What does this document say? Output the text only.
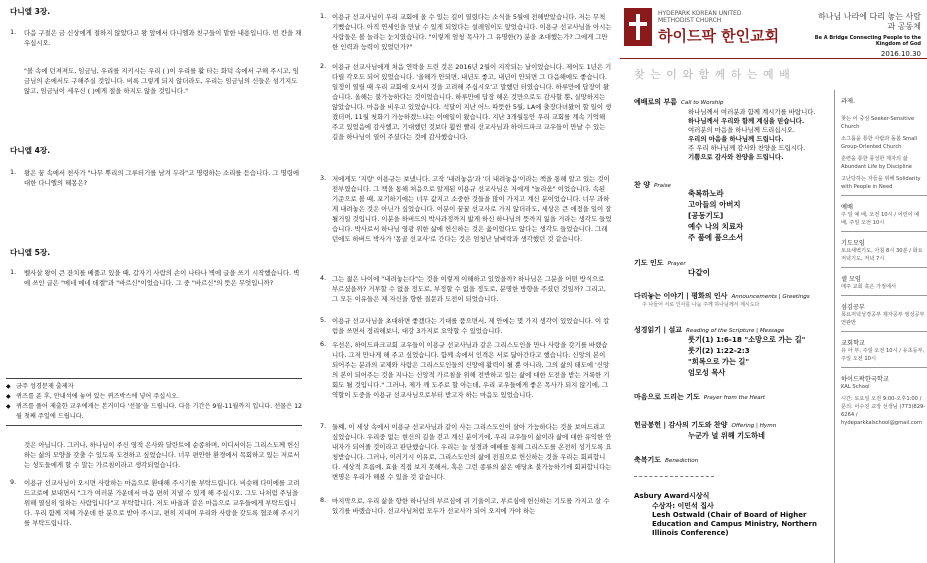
다니엘 3장.
1. 다음 구절은 금 신상에게 절하지 않았다고 왕 앞에서 다니엘과 친구들이 맡한 내용입니다. 빈 칸을 채우십시오.
"볼 속에 던져져도, 임금님, 우리를 지키시는 우리 ( )이 우리를 활 타는 화덕 속에서 구해 주시고, 임금님의 손에서도 구해주실 것입니다. 비록 그렇게 되지 않더라도, 우리는 임금님의 신들은 섬기지도 않고, 임금님이 세우신 ( )에게 절을 하지도 않을 것입니다."
다니엘 4장.
1. 왕은 꿈 속에서 천사가 "나무 뿌리의 그루터기를 남겨 두라"고 명령하는 소리를 듣습니다. 그 명령에 대한 다니엘의 해몽은?
다니엘 5장.
1. 벨사살 왕이 큰 잔치를 베풀고 있을 때, 갑자기 사람의 손이 나타나 벽에 글을 쓰기 시작했습니다. 벽에 쓰인 글은 "메네 메네 데겔"과 "바르신"이었습니다. 그 중 "바르신"의 뜻은 무엇입니까?
◆ 금주 성경문제 출제자
◆ 퀴즈를 푼 후, 안내석에 놓여 있는 퀴즈박스에 넣어 주십시오.
◆ 퀴즈를 풀어 제출한 교우에게는 본거미다 '선물'을 드립니다. 다음 기간은 9월-11월까지 입니다. 선물은 12월 첫째 주일에 드립니다.
것은 아닙니다. 그러나, 하나님이 주신 영적 은사와 달란트에 순종하며, 이디서이든 그리스도께 헌신하는 삶의 모양을 갖출 수 있도록 도전하고 싶었습니다. 너무 편안한 환경에서 목회하고 있는 저로서는 성도들에게 할 수 말는 가르침이라고 생각되었습니다.
9. 이용규 선교사님이 오시면 사랑하는 마음으로 환대해 주시기를 부탁드립니다. 비슷해 다미에를 고려드고로에 보내면서 "그가 여러분 가운데서 마음 편히 지낼 수 있게 해 주십시오. 그도 나처럼 주님을 위해 열심히 일하는 사람입니다"고 부탁합니다. 저도 바울과 같은 마음으로 교우들에게 부탁드립니다. 우리 함께 지혜 가운데 한 분으로 받아 주시고, 편히 지내며 우리와 사랑을 갖도록 협조해 주시기를 부탁드립니다.
1. 이용규 선교사님이 우리 교회에 올 수 있는 길이 열렸다는 소식을 5월에 전해받았습니다. 저는 무척 기뻤습니다. 아직 연세인을 만날 수 있게 되었다는 설레임이도 앞었습니다. 이용규 선교사님을 아시는 사람들은 볼 놀라는 눈치였습니다. "이렇게 엄청 목사가 그 유명한(?) 분을 초대했는가? 그에게 그만한 인력과 능력이 있었던가?"
2. 이용규 선교사님에게 처음 연락을 드린 것은 2016년 2월이 지작되는 날이었습니다. 제어도 1년은 기다릴 각오도 되어 있었습니다. '올해가 안되면, 내년도 좋고, 내년이 안되면 그 다음해에도 좋습니다. 일정이 열릴 때 우리 교회에 오셔서 것을 고려해 주십시오'고 말했던 터였습니다. 하루만에 답장이 왔습니다. 올해는 불가능하다는 것이었습니다. 하루만에 답장 해온 것만으로도 감사할 뿐, 실망하지는 않았습니다. 마음을 비우고 있었습니다. 석달이 지난 어느 따뜻한 5월, LA에 출장다녀왔어 할 일이 생겼더며, 11월 첫화기 가능하겠느냐는 이메일이 왔습니다. 지난 3개월동안 우리 교회를 계속 기억해 주고 있었음에 감사했고, 기대했던 것보다 훨씬 빨리 선교사님과 하이드파크 교우들이 만날 수 있는 길을 하나님이 열어 주셨다는 것에 감사했습니다.
3. 저에게도 '지랑' 이용규는 보냈니다. 고작 '내려놓음'과 '더 내려놓음'이라는 책을 통해 알고 있는 것이 전부였습니다. 그 책을 통해 처음으로 알게된 이용규 선교사님은 저에게 "놀라움" 이었습니다. 속된 기준으로 볼 때, 포기하기에는 너무 값지고 소중한 것들을 많이 가지고 계신 분이었습니다. 너무 과하게 내려놓은 것은 아닌가 싶었습니다. 이분이 꿈꿀 선교사로 가지 않더라도, 세상은 큰 애정을 일이 잘 될거일 것입니다. 이분을 하버드의 박사과정까지 밟게 하신 하나님의 뜻까지 잃을 거라는 생각도 들었습니다. 박사로서 하나님 영광 위한 삶에 헌신하는 것은 옳이었다도 않다는 생각도 들었습니다. 그래던에도 하버드 박사가 '몽골 선교사'로 간다는 것은 엄청난 날벼락과 생각했던 것 같습니다.
4. 그는 젊은 나이에 "내려놓는다"는 것을 이렇게 이해하고 있었을까? 하나님은 그분을 어떤 방식으로 부르셨을까? 거부할 수 없을 정도로, 부정할 수 없을 정도로, 분명한 방향을 주셨던 것일까? 그리고, 그 모든 이유들은 제 자신을 향한 질문과 도전이 되었습니다.
5. 이용규 선교사님을 초대하면 좋겠다는 기대를 품으면서, 제 안에는 몇 가지 생각이 있었습니다. 이 칼럼을 쓰면서 정리해보니, 대강 3가지로 요약할 수 있었습니다.
6. 우선은, 하이드파크교회 교우들이 이용규 선교사님과 같은 그리스도인을 만나 사랑을 갖기를 바랬습니다. 그저 만나게 해 주고 싶었습니다. 함께 속에서 인격은 서로 닮아간다고 했습니다. 신앙의 본이 되어주는 분과의 교제와 사람은 그리스도인들의 신앙에 활력이 될 뿐 아니라, 그의 삶의 태도에 '신앙의 본이 되어주는 것을 지나는 신앙적 가르침을 위해 전반하고 있는 삶에 대한 도전을 받는 거룩한 기회도 될 것입니다." 그러나, 제가 깨 도주로 할 아는데, 우리 교우들에게 좋은 목사가 되지 않기에, 그 역할이 도중을 이용규 선교사님으로부터 받고자 하는 마음도 있었습니다.
7. 둘째, 이 세상 속에서 이용규 선교사님과 같이 사는 그리스도인이 살아 가능하다는 것을 보여드리고 싶었습니다. 우리중 없는 현신의 길을 걷고 계신 분이기에, 우리 교우들이 삶이라 삶에 대한 유익한 안내자가 되어줄 것이라고 판단했습니다. 우리는 늘 성경과 예배를 통해 그리스도를 온전히 성기도록 요청받습니다. 그러나, 이러기시 이유로, 그리스도인의 삶에 전짐으로 헌신하는 것을 우리는 회피합니다. 세상적 흐름에, 효율 직접 보지 못해서, 혹은 그런 종류의 삶은 애당초 불가능하기에 회피합니다는 변명은 우리가 해볼 수 있을 것 같습니다.
8. 마지막으로, 우리 삶을 향한 하나님의 부르심에 귀 기울이고, 부르심에 헌신하는 기도를 가지고 살 수 있기를 바랬습니다. 선교사님처럼 모두가 선교사가 되어 오지에 가야 하는
HYDEPARK KOREAN UNITED METHODIST CHURCH
하이드팍 한인교회
하나님 나라에 다리 놓는 사람과 공동체
Be A Bridge Connecting People to the Kingdom of God
2016.10.30
찾 는 이 와 함 께 하 는 예 배
예배로의 부름 Call to Worship
하나님께서 여러분과 함께 계시기를 바랍니다.
하나님께서 우리와 함께 계심을 믿습니다.
여러분의 마음을 하나님께 드리십시오.
우리의 마음을 하나님께 드립니다.
주 우리 하나님께 감사와 찬양을 드립시다.
기쁨으로 감사와 찬양을 드립니다.
찬 양 Praise
축복하노라
고아들의 아버지
[공동기도]
예수 나의 치료자
주 품에 품으소서
기도 인도 Prayer
다같이
다리놓는 이야기 | 평화의 인사 Announcements | Greetings
주 나들어 서로 인사를 나눔 주께 하나님께서 계시도다
성경읽기 | 설교 Reading of the Scripture | Message
룻기(1) 1:6-18 "소망으로 가는 길"
룻기(2) 1:22-2:3
"희복으로 가는 길"
엄모성 목사
마음으로 드리는 기도 Prayer from the Heart
헌금봉헌 | 감사의 기도와 찬양 Offering | Hymn
누군가 널 위해 기도하네
축복기도 Benediction
Asbury Award시상식
수상자: 이민석 집사
Lesh Ostwald (Chair of Board of Higher
Education and Campus Ministry, Northern
Illinois Conference)
과제.
찾는 이 중심 Seeker-Sensitive Church
소그룹을 통한 사람과 돌봄 Small Group-Oriented Church
훈련을 통한 풍성한 제자의 삶 Abundant Life by Discipline
고난당하는 자들을 위해 Solidarity with People in Need
예배
주 일 예 배, 오전 10시 / 어린이 예 배, 주일 오전 10시
기도모임
토요새벽기도, 아침 8시 30분 / 화요저녁기도, 저녁 7시
셀 모임
매주 교회 혹은 가정에서
섬김공부
목요저녁성경공부 제자공부 영성공부 연관반
교회학교
유 아 부, 주일 오전 10시 / 유초등부, 주일 오전 10시
하이드팍한국학교
KAL School
시간: 토요일 오전 9:00-오후1:00 / 문의: 이수진 교장 선생님 (773)829-6264 / hydeparkkalschool@gmail.com
